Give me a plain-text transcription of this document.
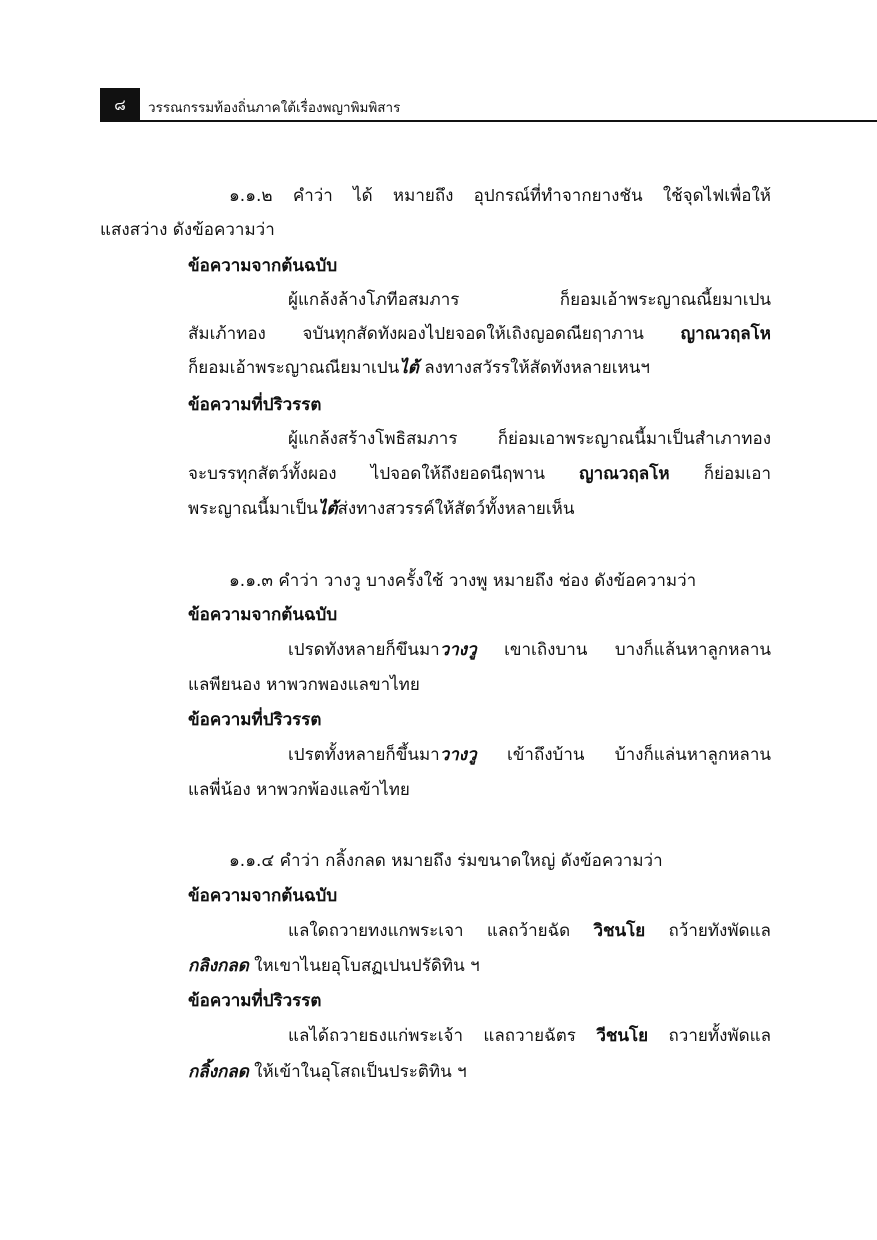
๘	วรรณกรรมท้องถิ่นภาคใต้เรื่องพญาพิมพิสาร
๑.๑.๒ คำว่า ได้ หมายถึง อุปกรณ์ที่ทำจากยางชัน ใช้จุดไฟเพื่อให้
แสงสว่าง ดังข้อความว่า
ข้อความจากต้นฉบับ
ผู้แกล้งล้างโภทีอสมภาร ก็ยอมเอ้าพระญาณณี้ยมาเปน
สัมเภ้าทอง จบันทุกสัดทังผองไปยจอดให้เถิงญอดณียฤาภาน ญาณวฤลโห
ก็ยอมเอ้าพระญาณณียมาเปนไต้ ลงทางสวัรรให้สัดทังหลายเหนฯ
ข้อความที่ปริวรรต
ผู้แกล้งสร้างโพธิสมภาร ก็ย่อมเอาพระญาณนี้มาเป็นสำเภาทอง
จะบรรทุกสัตว์ทั้งผอง ไปจอดให้ถึงยอดนีฤพาน ญาณวฤลโห ก็ย่อมเอา
พระญาณนี้มาเป็นไต้ส่งทางสวรรค์ให้สัตว์ทั้งหลายเห็น
๑.๑.๓ คำว่า วางวู บางครั้งใช้ วางพู หมายถึง ช่อง ดังข้อความว่า
ข้อความจากต้นฉบับ
เปรดทังหลายก็ขึนมาวางวู เขาเถิงบาน บางก็แล้นหาลูกหลาน
แลพียนอง หาพวกพองแลขาไทย
ข้อความที่ปริวรรต
เปรตทั้งหลายก็ขึ้นมาวางวู เข้าถึงบ้าน บ้างก็แล่นหาลูกหลาน
แลพี่น้อง หาพวกพ้องแลข้าไทย
๑.๑.๔ คำว่า กลิ้งกลด หมายถึง ร่มขนาดใหญ่ ดังข้อความว่า
ข้อความจากต้นฉบับ
แลใดถวายทงแกพระเจา แลถว้ายฉัด วิชนโย ถว้ายทังพัดแล
กลิงกลด ใหเขาไนยอุโบสฏเปนปรัดิทิน ฯ
ข้อความที่ปริวรรต
แลได้ถวายธงแก่พระเจ้า แลถวายฉัตร วีชนโย ถวายทั้งพัดแล
กลิ้งกลด ให้เข้าในอุโสถเป็นประติทิน ฯ
